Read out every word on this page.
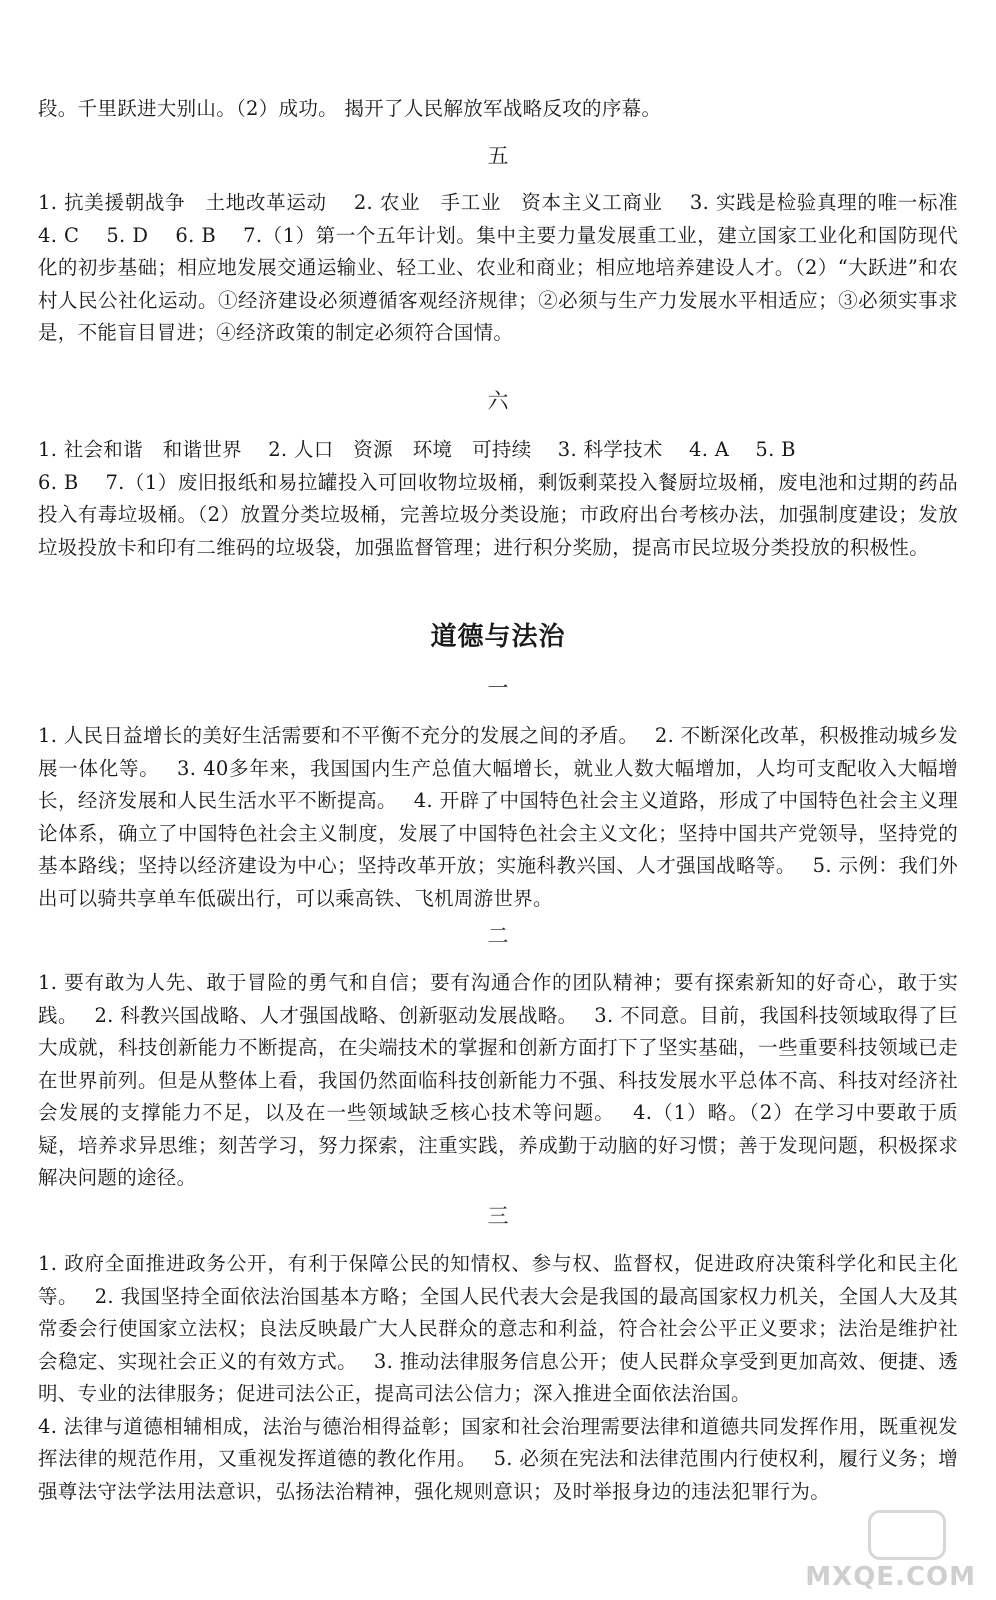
段。千里跃进大别山。（2）成功。 揭开了人民解放军战略反攻的序幕。

五

1. 抗美援朝战争　土地改革运动　 2. 农业　手工业　资本主义工商业　 3. 实践是检验真理的唯一标准　 4. C　 5. D　 6. B　 7.（1）第一个五年计划。集中主要力量发展重工业，建立国家工业化和国防现代化的初步基础；相应地发展交通运输业、轻工业、农业和商业；相应地培养建设人才。（2）“大跃进”和农村人民公社化运动。①经济建设必须遵循客观经济规律；②必须与生产力发展水平相适应；③必须实事求是，不能盲目冒进；④经济政策的制定必须符合国情。

六

1. 社会和谐　和谐世界　 2. 人口　资源　环境　可持续　 3. 科学技术　 4. A　 5. B
6. B　 7.（1）废旧报纸和易拉罐投入可回收物垃圾桶，剩饭剩菜投入餐厨垃圾桶，废电池和过期的药品投入有毒垃圾桶。（2）放置分类垃圾桶，完善垃圾分类设施；市政府出台考核办法，加强制度建设；发放垃圾投放卡和印有二维码的垃圾袋，加强监督管理；进行积分奖励，提高市民垃圾分类投放的积极性。

道德与法治
一

1. 人民日益增长的美好生活需要和不平衡不充分的发展之间的矛盾。　 2. 不断深化改革，积极推动城乡发展一体化等。　 3. 40多年来，我国国内生产总值大幅增长，就业人数大幅增加，人均可支配收入大幅增长，经济发展和人民生活水平不断提高。　 4. 开辟了中国特色社会主义道路，形成了中国特色社会主义理论体系，确立了中国特色社会主义制度，发展了中国特色社会主义文化；坚持中国共产党领导，坚持党的基本路线；坚持以经济建设为中心；坚持改革开放；实施科教兴国、人才强国战略等。　 5. 示例：我们外出可以骑共享单车低碳出行，可以乘高铁、飞机周游世界。

二

1. 要有敢为人先、敢于冒险的勇气和自信；要有沟通合作的团队精神；要有探索新知的好奇心，敢于实践。　 2. 科教兴国战略、人才强国战略、创新驱动发展战略。　 3. 不同意。目前，我国科技领域取得了巨大成就，科技创新能力不断提高，在尖端技术的掌握和创新方面打下了坚实基础，一些重要科技领域已走在世界前列。但是从整体上看，我国仍然面临科技创新能力不强、科技发展水平总体不高、科技对经济社会发展的支撑能力不足，以及在一些领域缺乏核心技术等问题。　 4.（1）略。（2）在学习中要敢于质疑，培养求异思维；刻苦学习，努力探索，注重实践，养成勤于动脑的好习惯；善于发现问题，积极探求解决问题的途径。

三

1. 政府全面推进政务公开，有利于保障公民的知情权、参与权、监督权，促进政府决策科学化和民主化等。　 2. 我国坚持全面依法治国基本方略；全国人民代表大会是我国的最高国家权力机关，全国人大及其常委会行使国家立法权；良法反映最广大人民群众的意志和利益，符合社会公平正义要求；法治是维护社会稳定、实现社会正义的有效方式。　 3. 推动法律服务信息公开；使人民群众享受到更加高效、便捷、透明、专业的法律服务；促进司法公正，提高司法公信力；深入推进全面依法治国。
4. 法律与道德相辅相成，法治与德治相得益彰；国家和社会治理需要法律和道德共同发挥作用，既重视发挥法律的规范作用，又重视发挥道德的教化作用。　 5. 必须在宪法和法律范围内行使权利，履行义务；增强尊法守法学法用法意识，弘扬法治精神，强化规则意识；及时举报身边的违法犯罪行为。

MXQE.COM
